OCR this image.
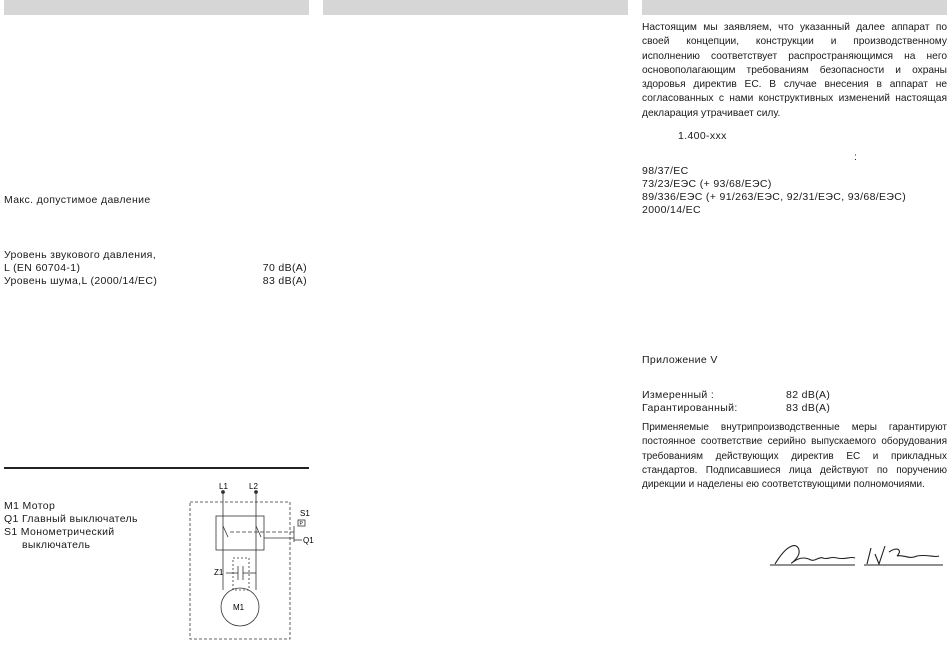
Макс. допустимое давление
Уровень звукового давления,
L (EN 60704-1)	70 dB(A)
Уровень шума,L (2000/14/EC)	83 dB(A)
M1 Мотор
Q1 Главный выключатель
S1 Монометрический
выключатель
L1	L2
S1
P
Q1
Z1
M1
Настоящим мы заявляем, что указанный далее аппарат по своей концепции, конструкции и производственному исполнению соответствует распространяющимся на него основополагающим требованиям безопасности и охраны здоровья директив ЕС. В случае внесения в аппарат не согласованных с нами конструктивных изменений настоящая декларация утрачивает силу.
1.400-xxx
:
98/37/EC
73/23/ЕЭС (+ 93/68/ЕЭС)
89/336/ЕЭС (+ 91/263/ЕЭС, 92/31/ЕЭС, 93/68/ЕЭС)
2000/14/EC
Приложение V
Измеренный :	82 dB(A)
Гарантированный:	83 dB(A)
Применяемые внутрипроизводственные меры гарантируют постоянное соответствие серийно выпускаемого оборудования требованиям действующих директив ЕС и прикладных стандартов. Подписавшиеся лица действуют по поручению дирекции и наделены ею соответствующими полномочиями.
